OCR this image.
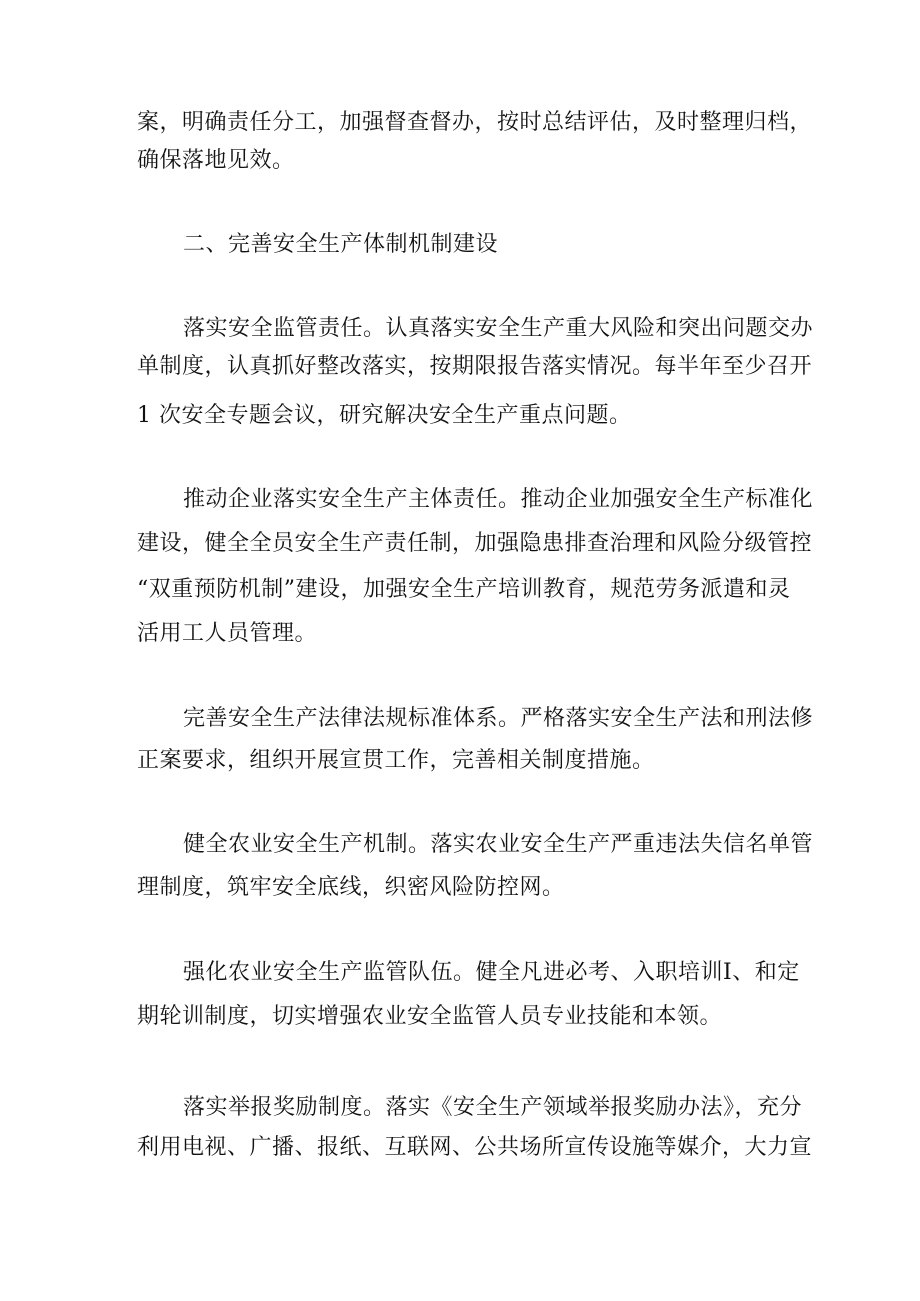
案，明确责任分工，加强督查督办，按时总结评估，及时整理归档，
确保落地见效。
二、完善安全生产体制机制建设
落实安全监管责任。认真落实安全生产重大风险和突出问题交办
单制度，认真抓好整改落实，按期限报告落实情况。每半年至少召开
1 次安全专题会议，研究解决安全生产重点问题。
推动企业落实安全生产主体责任。推动企业加强安全生产标准化
建设，健全全员安全生产责任制，加强隐患排查治理和风险分级管控
“双重预防机制”建设，加强安全生产培训教育，规范劳务派遣和灵
活用工人员管理。
完善安全生产法律法规标准体系。严格落实安全生产法和刑法修
正案要求，组织开展宣贯工作，完善相关制度措施。
健全农业安全生产机制。落实农业安全生产严重违法失信名单管
理制度，筑牢安全底线，织密风险防控网。
强化农业安全生产监管队伍。健全凡进必考、入职培训I、和定
期轮训制度，切实增强农业安全监管人员专业技能和本领。
落实举报奖励制度。落实《安全生产领域举报奖励办法》，充分
利用电视、广播、报纸、互联网、公共场所宣传设施等媒介，大力宣
